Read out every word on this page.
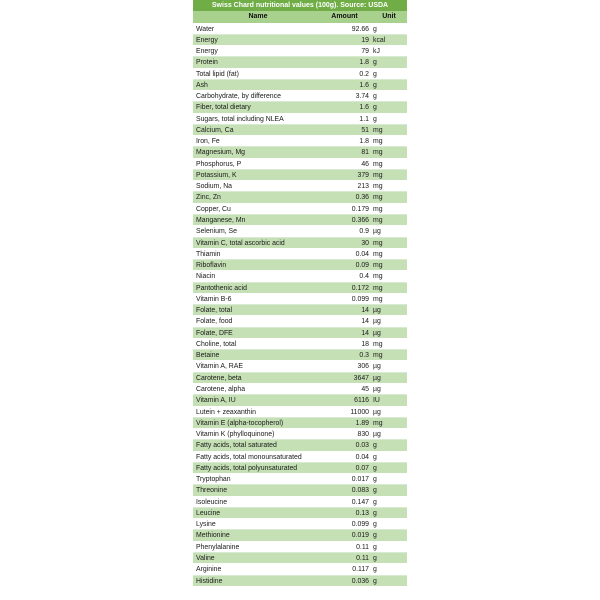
Swiss Chard nutritional values (100g). Source: USDA
Name	Amount	Unit
Water	92.66 g
Energy	19 kcal
Energy	79 kJ
Protein	1.8 g
Total lipid (fat)	0.2 g
Ash	1.6 g
Carbohydrate, by difference	3.74 g
Fiber, total dietary	1.6 g
Sugars, total including NLEA	1.1 g
Calcium, Ca	51 mg
Iron, Fe	1.8 mg
Magnesium, Mg	81 mg
Phosphorus, P	46 mg
Potassium, K	379 mg
Sodium, Na	213 mg
Zinc, Zn	0.36 mg
Copper, Cu	0.179 mg
Manganese, Mn	0.366 mg
Selenium, Se	0.9 µg
Vitamin C, total ascorbic acid	30 mg
Thiamin	0.04 mg
Riboflavin	0.09 mg
Niacin	0.4 mg
Pantothenic acid	0.172 mg
Vitamin B-6	0.099 mg
Folate, total	14 µg
Folate, food	14 µg
Folate, DFE	14 µg
Choline, total	18 mg
Betaine	0.3 mg
Vitamin A, RAE	306 µg
Carotene, beta	3647 µg
Carotene, alpha	45 µg
Vitamin A, IU	6116 IU
Lutein + zeaxanthin	11000 µg
Vitamin E (alpha-tocopherol)	1.89 mg
Vitamin K (phylloquinone)	830 µg
Fatty acids, total saturated	0.03 g
Fatty acids, total monounsaturated	0.04 g
Fatty acids, total polyunsaturated	0.07 g
Tryptophan	0.017 g
Threonine	0.083 g
Isoleucine	0.147 g
Leucine	0.13 g
Lysine	0.099 g
Methionine	0.019 g
Phenylalanine	0.11 g
Valine	0.11 g
Arginine	0.117 g
Histidine	0.036 g
